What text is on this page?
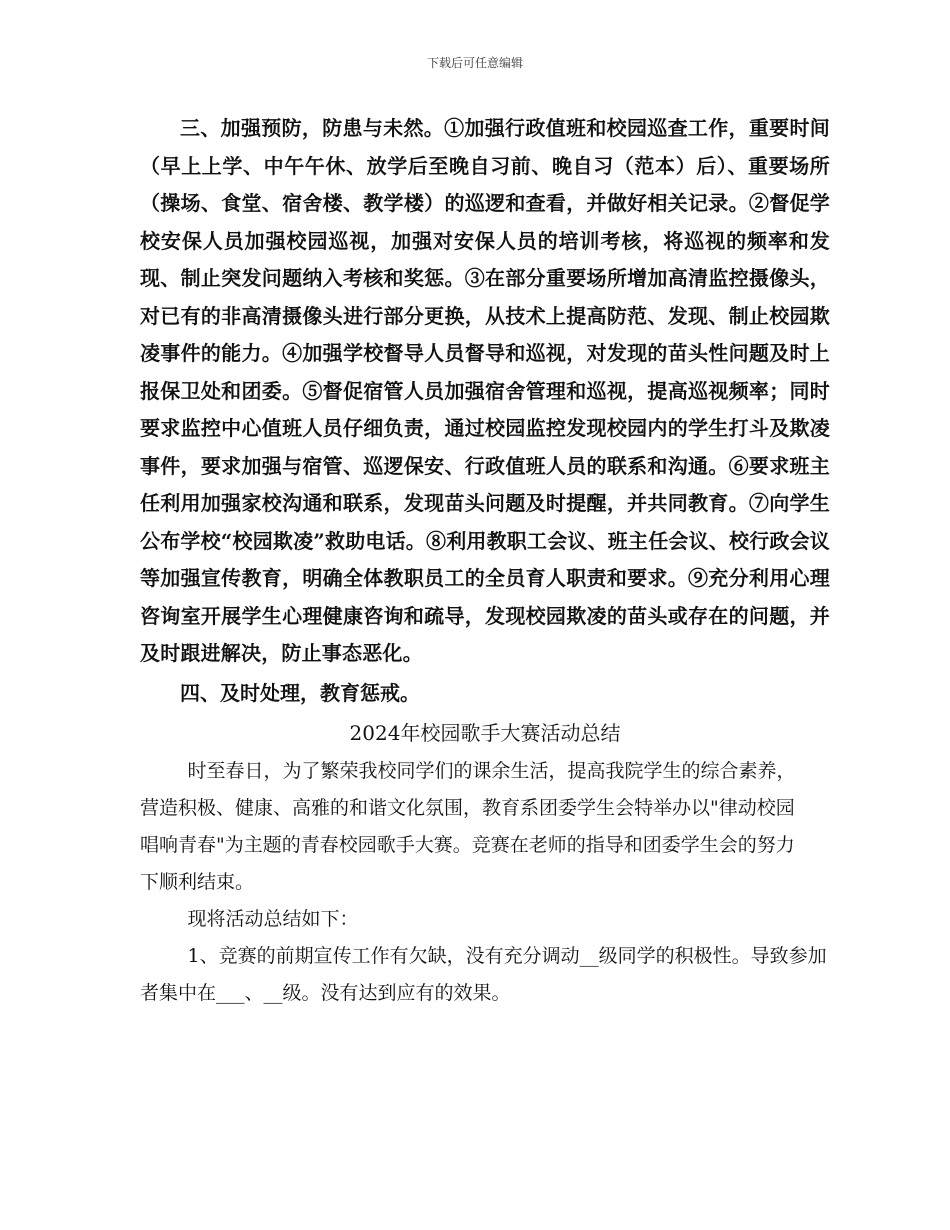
下载后可任意编辑

三、加强预防，防患与未然。①加强行政值班和校园巡查工作，重要时间（早上上学、中午午休、放学后至晚自习前、晚自习（范本）后）、重要场所（操场、食堂、宿舍楼、教学楼）的巡逻和查看，并做好相关记录。②督促学校安保人员加强校园巡视，加强对安保人员的培训考核，将巡视的频率和发现、制止突发问题纳入考核和奖惩。③在部分重要场所增加高清监控摄像头，对已有的非高清摄像头进行部分更换，从技术上提高防范、发现、制止校园欺凌事件的能力。④加强学校督导人员督导和巡视，对发现的苗头性问题及时上报保卫处和团委。⑤督促宿管人员加强宿舍管理和巡视，提高巡视频率；同时要求监控中心值班人员仔细负责，通过校园监控发现校园内的学生打斗及欺凌事件，要求加强与宿管、巡逻保安、行政值班人员的联系和沟通。⑥要求班主任利用加强家校沟通和联系，发现苗头问题及时提醒，并共同教育。⑦向学生公布学校“校园欺凌”救助电话。⑧利用教职工会议、班主任会议、校行政会议等加强宣传教育，明确全体教职员工的全员育人职责和要求。⑨充分利用心理咨询室开展学生心理健康咨询和疏导，发现校园欺凌的苗头或存在的问题，并及时跟进解决，防止事态恶化。

四、及时处理，教育惩戒。

2024年校园歌手大赛活动总结

时至春日，为了繁荣我校同学们的课余生活，提高我院学生的综合素养，营造积极、健康、高雅的和谐文化氛围，教育系团委学生会特举办以"律动校园唱响青春"为主题的青春校园歌手大赛。竞赛在老师的指导和团委学生会的努力下顺利结束。

现将活动总结如下：

1、竞赛的前期宣传工作有欠缺，没有充分调动__级同学的积极性。导致参加者集中在___、__级。没有达到应有的效果。
